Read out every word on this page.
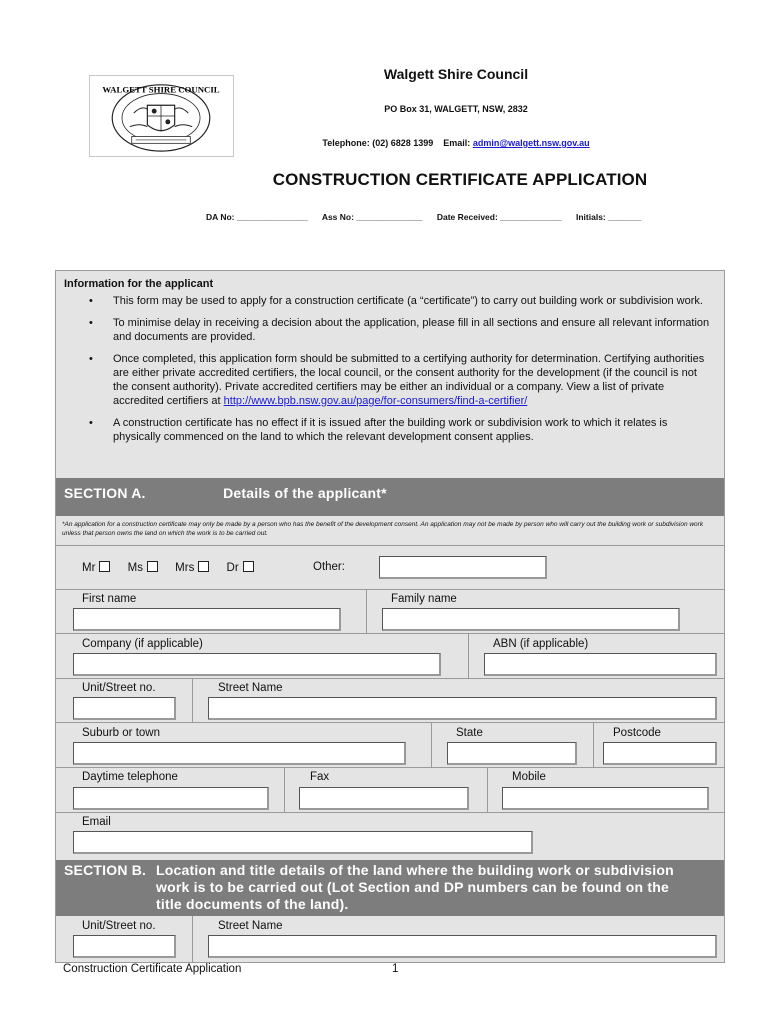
WALGETT SHIRE COUNCIL
Walgett Shire Council
PO Box 31, WALGETT, NSW, 2832
Telephone: (02) 6828 1399 Email: admin@walgett.nsw.gov.au
CONSTRUCTION CERTIFICATE APPLICATION
DA No: _______________ Ass No: ______________ Date Received: _____________ Initials: _______
Information for the applicant
• This form may be used to apply for a construction certificate (a “certificate”) to carry out building work or subdivision work.
• To minimise delay in receiving a decision about the application, please fill in all sections and ensure all relevant information and documents are provided.
• Once completed, this application form should be submitted to a certifying authority for determination. Certifying authorities are either private accredited certifiers, the local council, or the consent authority for the development (if the council is not the consent authority). Private accredited certifiers may be either an individual or a company. View a list of private accredited certifiers at http://www.bpb.nsw.gov.au/page/for-consumers/find-a-certifier/
• A construction certificate has no effect if it is issued after the building work or subdivision work to which it relates is physically commenced on the land to which the relevant development consent applies.
SECTION A.	Details of the applicant*
*An application for a construction certificate may only be made by a person who has the benefit of the development consent. An application may not be made by person who will carry out the building work or subdivision work unless that person owns the land on which the work is to be carried out.
Mr	Ms	Mrs	Dr	Other:
First name	Family name
Company (if applicable)	ABN (if applicable)
Unit/Street no.	Street Name
Suburb or town	State	Postcode
Daytime telephone	Fax	Mobile
Email
SECTION B. Location and title details of the land where the building work or subdivision
work is to be carried out (Lot Section and DP numbers can be found on the
title documents of the land).
Unit/Street no.	Street Name
Construction Certificate Application	1
